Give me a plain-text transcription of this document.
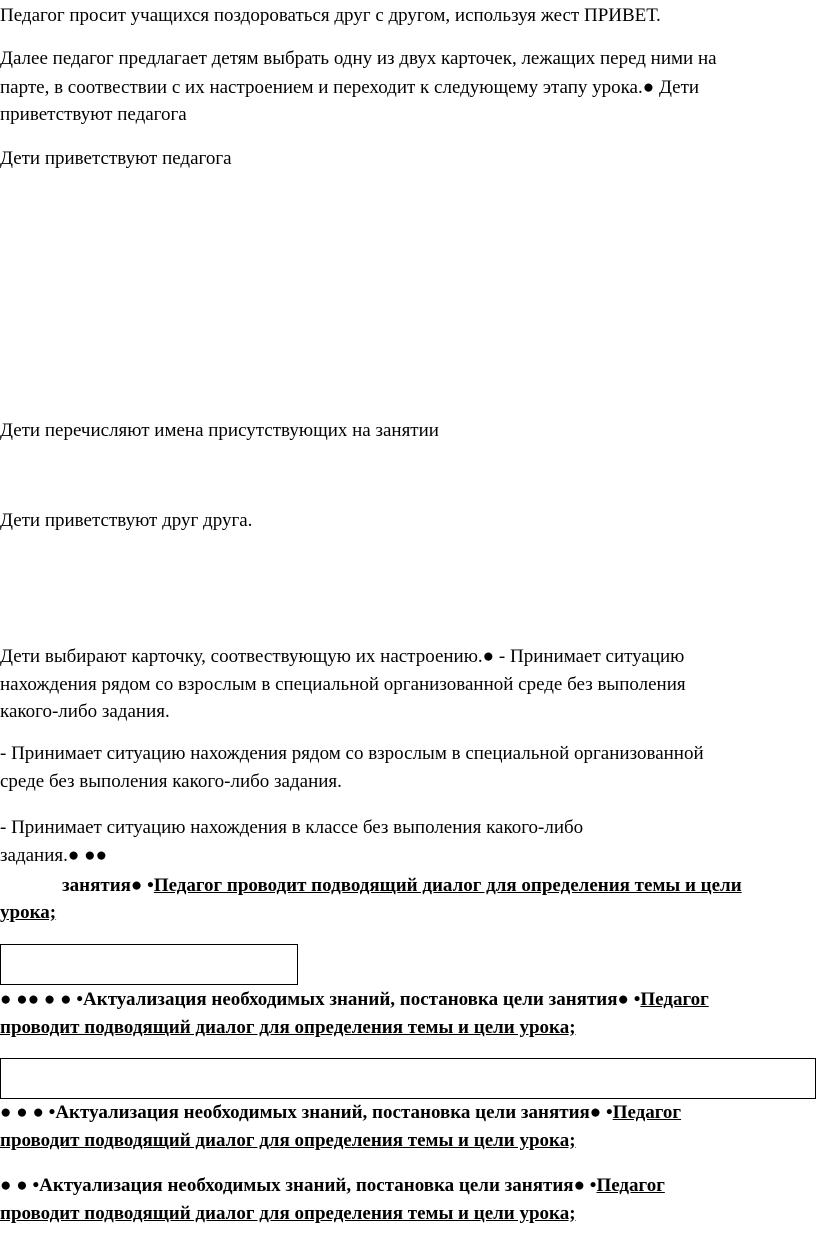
Педагог просит учащихся поздороваться друг с другом, используя жест ПРИВЕТ.

Далее педагог предлагает детям выбрать одну из двух карточек, лежащих перед ними на

парте, в соотвествии с их настроением и переходит к следующему этапу урока.● Дети

приветствуют педагога

Дети приветствуют педагога

Дети перечисляют имена присутствующих на занятии

Дети приветствуют друг друга.

Дети выбирают карточку, соотвествующую их настроению.● - Принимает ситуацию

нахождения рядом со взрослым в специальной организованной среде без выполения

какого-либо задания.

- Принимает ситуацию нахождения рядом со взрослым в специальной организованной

среде без выполения какого-либо задания.

- Принимает ситуацию нахождения в классе без выполения какого-либо

задания.● ●●

занятия● •Педагог проводит подводящий диалог для определения темы и цели

урока;

● ●● ● ● •Актуализация необходимых знаний, постановка цели занятия● •Педагог

проводит подводящий диалог для определения темы и цели урока;

● ● ● •Актуализация необходимых знаний, постановка цели занятия● •Педагог

проводит подводящий диалог для определения темы и цели урока;

● ● •Актуализация необходимых знаний, постановка цели занятия● •Педагог

проводит подводящий диалог для определения темы и цели урока;
